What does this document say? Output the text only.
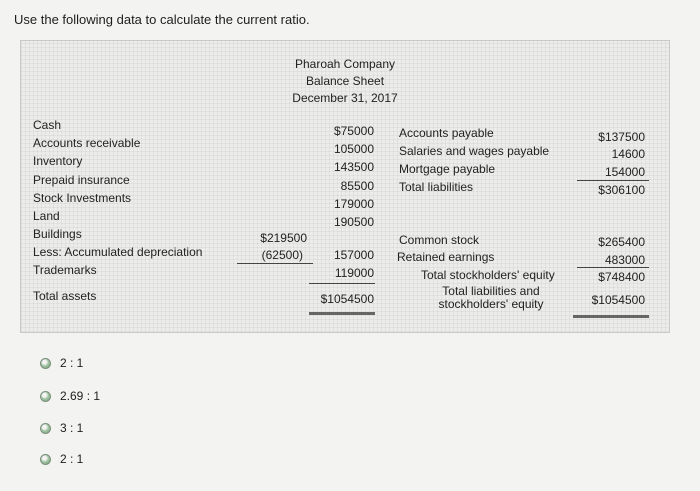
Use the following data to calculate the current ratio.
Pharoah Company
Balance Sheet
December 31, 2017
Cash
Accounts receivable
Inventory
Prepaid insurance
Stock Investments
Land
Buildings
Less: Accumulated depreciation
Trademarks
Total assets
$219500
(62500)
$75000
105000
143500
85500
179000
190500
157000
119000
$1054500
Accounts payable
Salaries and wages payable
Mortgage payable
Total liabilities
$137500
14600
154000
$306100
Common stock
Retained earnings
Total stockholders' equity
Total liabilities and
stockholders' equity
$265400
483000
$748400
$1054500
2 : 1
2.69 : 1
3 : 1
2 : 1
